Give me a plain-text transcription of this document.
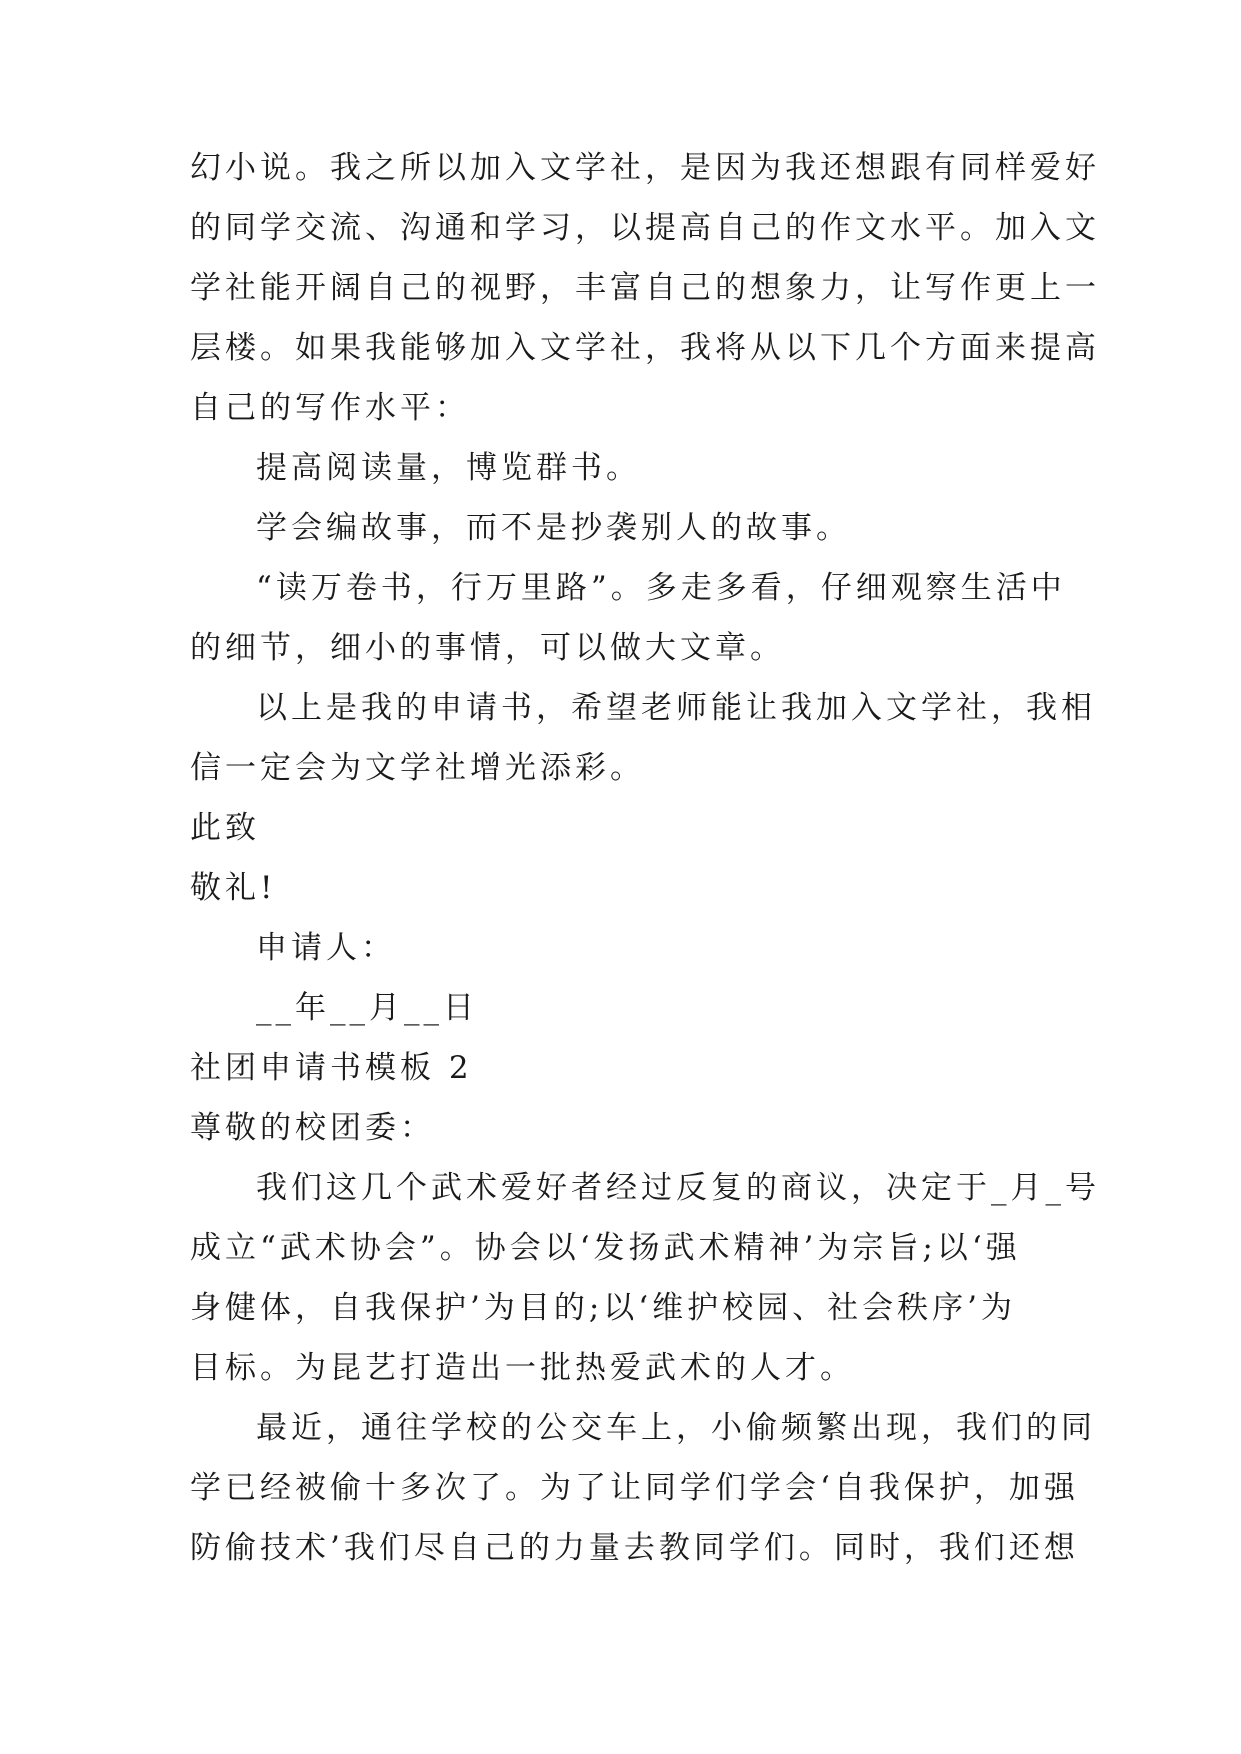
幻小说。我之所以加入文学社，是因为我还想跟有同样爱好
的同学交流、沟通和学习，以提高自己的作文水平。加入文
学社能开阔自己的视野，丰富自己的想象力，让写作更上一
层楼。如果我能够加入文学社，我将从以下几个方面来提高
自己的写作水平：
提高阅读量，博览群书。
学会编故事，而不是抄袭别人的故事。
“读万卷书，行万里路”。多走多看，仔细观察生活中
的细节，细小的事情，可以做大文章。
以上是我的申请书，希望老师能让我加入文学社，我相
信一定会为文学社增光添彩。
此致
敬礼!
申请人：
__年__月__日
社团申请书模板 2
尊敬的校团委：
我们这几个武术爱好者经过反复的商议，决定于_月_号
成立“武术协会”。协会以‘发扬武术精神’为宗旨;以‘强
身健体，自我保护’为目的;以‘维护校园、社会秩序’为
目标。为昆艺打造出一批热爱武术的人才。
最近，通往学校的公交车上，小偷频繁出现，我们的同
学已经被偷十多次了。为了让同学们学会‘自我保护，加强
防偷技术’我们尽自己的力量去教同学们。同时，我们还想
